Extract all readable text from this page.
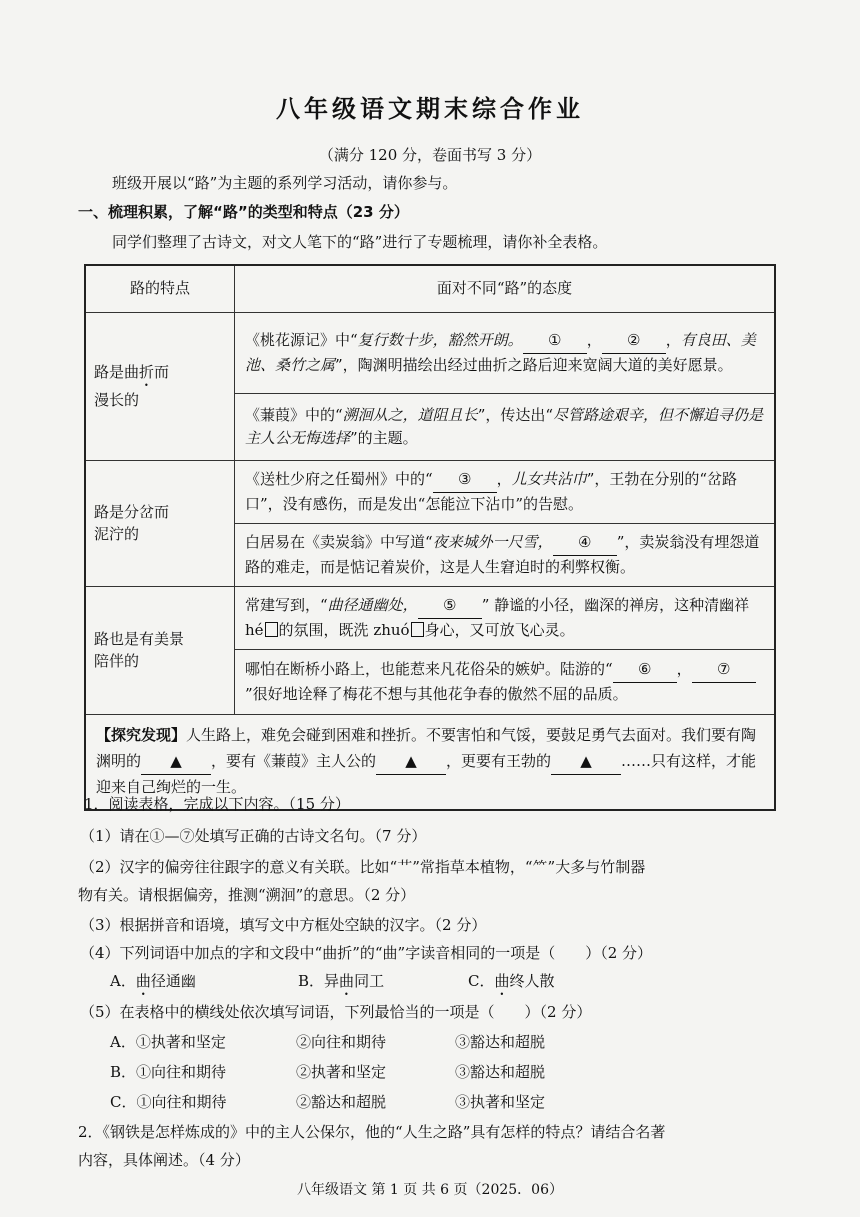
八年级语文期末综合作业
（满分 120 分，卷面书写 3 分）
班级开展以“路”为主题的系列学习活动，请你参与。
一、梳理积累，了解“路”的类型和特点（23 分）
同学们整理了古诗文，对文人笔下的“路”进行了专题梳理，请你补全表格。
路的特点	面对不同“路”的态度
路是曲折而
漫长的	《桃花源记》中“复行数十步，豁然开朗。 ① ， ② ，有良田、美池、桑竹之属”，陶渊明描绘出经过曲折之路后迎来宽阔大道的美好愿景。
	《蒹葭》中的“溯洄从之，道阻且长”，传达出“尽管路途艰辛，但不懈追寻仍是主人公无悔选择”的主题。
路是分岔而
泥泞的	《送杜少府之任蜀州》中的“ ③ ，儿女共沾巾”，王勃在分别的“岔路口”，没有感伤，而是发出“怎能泣下沾巾”的告慰。
	白居易在《卖炭翁》中写道“夜来城外一尺雪， ④ ”，卖炭翁没有埋怨道路的难走，而是惦记着炭价，这是人生窘迫时的利弊权衡。
路也是有美景
陪伴的	常建写到，“曲径通幽处， ⑤ ” 静谧的小径，幽深的禅房，这种清幽祥 hé 的氛围，既洗 zhuó 身心，又可放飞心灵。
	哪怕在断桥小路上，也能惹来凡花俗朵的嫉妒。陆游的“ ⑥ ， ⑦”很好地诠释了梅花不想与其他花争春的傲然不屈的品质。
【探究发现】人生路上，难免会碰到困难和挫折。不要害怕和气馁，要鼓足勇气去面对。我们要有陶渊明的 ▲ ，要有《蒹葭》主人公的 ▲ ，更要有王勃的 ▲ ……只有这样，才能迎来自己绚烂的一生。	
1．阅读表格，完成以下内容。（15 分）
（1）请在①—⑦处填写正确的古诗文名句。（7 分）
（2）汉字的偏旁往往跟字的意义有关联。比如“艹”常指草本植物，“⺮”大多与竹制器
物有关。请根据偏旁，推测“溯洄”的意思。（2 分）
（3）根据拼音和语境，填写文中方框处空缺的汉字。（2 分）
（4）下列词语中加点的字和文段中“曲折”的“曲”字读音相同的一项是（　　）（2 分）
A．曲径通幽	B．异曲同工	C．曲终人散
（5）在表格中的横线处依次填写词语，下列最恰当的一项是（　　）（2 分）
A．①执著和坚定	②向往和期待	③豁达和超脱
B．①向往和期待	②执著和坚定	③豁达和超脱
C．①向往和期待	②豁达和超脱	③执著和坚定
2．《钢铁是怎样炼成的》中的主人公保尔，他的“人生之路”具有怎样的特点？请结合名著
内容，具体阐述。（4 分）
八年级语文 第 1 页 共 6 页（2025．06）
